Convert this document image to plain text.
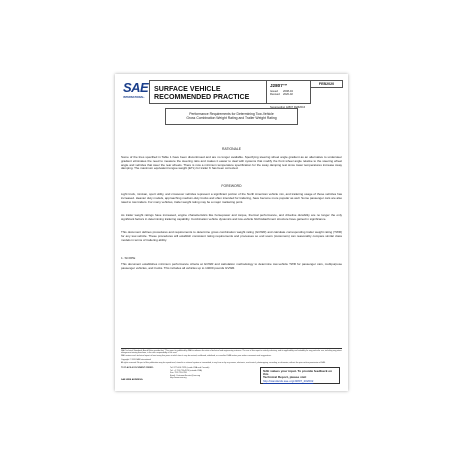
SAE
INTERNATIONAL.
SURFACE VEHICLE RECOMMENDED PRACTICE
J2807™
Issued 2008-04
Revised 2020-02
FEB2020
Superseding J2807 FEB2016
Performance Requirements for Determining Tow-Vehicle
Gross Combination Weight Rating and Trailer Weight Rating
RATIONALE
Some of the tires specified in Table 1 have been discontinued and are no longer available. Specifying steering wheel angle gradient as an alternative to understeer gradient eliminates the need to measure the steering ratio and makes it easier to deal with systems that modify the front wheel angle relative to the steering wheel angle and vehicles that steer the rear wheels. There is now a minimum temperature specification for the sway damping test since lower temperatures increase sway damping. The maximum equivalent tongue weight (ETL) for trailer K has been corrected.
FOREWORD
Light truck, minivan, sport utility, and crossover vehicles represent a significant portion of the North American vehicle mix, and trailering usage of those vehicles has increased. Heavier duty models, approaching medium-duty trucks and often intended for trailering, have become more popular as well. Some passenger cars are also rated to tow trailers. For many vehicles, trailer weight rating may be a major marketing point.
As trailer weight ratings have increased, engine characteristics like horsepower and torque, thermal performance, and driveline durability are no longer the only significant factors in determining trailering capability. Combination vehicle dynamics and tow-vehicle hitch/attachment structure have gained in significance.
This document defines procedures and requirements to determine gross combination weight rating (GCWR) and calculate corresponding trailer weight rating (TWR) for any tow-vehicle. These procedures will establish consistent rating requirements and processes so end users (customers) can reasonably compare similar class models in terms of trailering ability.
1. SCOPE
This document establishes minimum performance criteria at GCWR and calculation methodology to determine tow-vehicle TWR for passenger cars, multipurpose passenger vehicles, and trucks. This includes all vehicles up to 14000 pounds GVWR.
SAE Technical Standards Board Rules provide that: "This report is published by SAE to advance the state of technical and engineering sciences. The use of this report is entirely voluntary, and its applicability and suitability for any particular use, including any patent infringement arising therefrom, is the sole responsibility of the user."
SAE reviews each technical report at least every five years at which time it may be revised, reaffirmed, stabilized, or cancelled. SAE invites your written comments and suggestions.
Copyright © 2020 SAE International
All rights reserved. No part of this publication may be reproduced, stored in a retrieval system or transmitted, in any form or by any means, electronic, mechanical, photocopying, recording, or otherwise, without the prior written permission of SAE.
TO PLACE A DOCUMENT ORDER:	Tel: 877-606-7323 (inside USA and Canada)
Tel: +1 724-776-4970 (outside USA)
Fax: 724-776-0790
Email: CustomerService@sae.org
http://www.sae.org
SAE values your input. To provide feedback on this
Technical Report, please visit
http://standards.sae.org/J2807_202002
SAE WEB ADDRESS:
